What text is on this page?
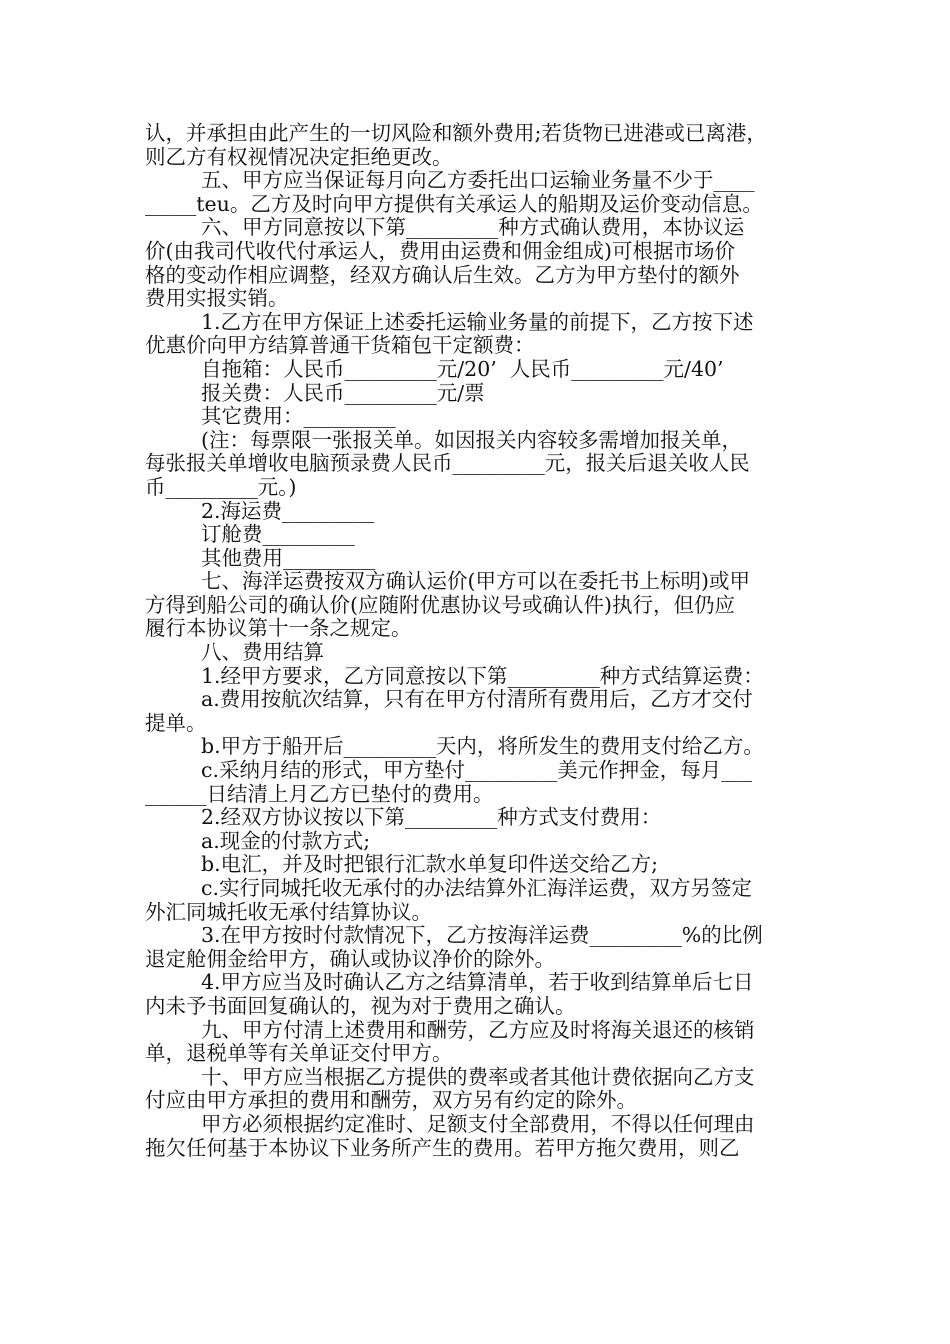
认，并承担由此产生的一切风险和额外费用;若货物已进港或已离港，
则乙方有权视情况决定拒绝更改。
五、甲方应当保证每月向乙方委托出口运输业务量不少于____
_____teu。乙方及时向甲方提供有关承运人的船期及运价变动信息。
六、甲方同意按以下第_________种方式确认费用，本协议运
价(由我司代收代付承运人，费用由运费和佣金组成)可根据市场价
格的变动作相应调整，经双方确认后生效。乙方为甲方垫付的额外
费用实报实销。
1.乙方在甲方保证上述委托运输业务量的前提下，乙方按下述
优惠价向甲方结算普通干货箱包干定额费：
自拖箱：人民币_________元/20’  人民币_________元/40’
报关费：人民币_________元/票
其它费用：_________
(注：每票限一张报关单。如因报关内容较多需增加报关单，
每张报关单增收电脑预录费人民币_________元，报关后退关收人民
币_________元。)
2.海运费_________
订舱费_________
其他费用_________
七、海洋运费按双方确认运价(甲方可以在委托书上标明)或甲
方得到船公司的确认价(应随附优惠协议号或确认件)执行，但仍应
履行本协议第十一条之规定。
八、费用结算
1.经甲方要求，乙方同意按以下第_________种方式结算运费：
a.费用按航次结算，只有在甲方付清所有费用后，乙方才交付
提单。
b.甲方于船开后_________天内，将所发生的费用支付给乙方。
c.采纳月结的形式，甲方垫付_________美元作押金，每月___
______日结清上月乙方已垫付的费用。
2.经双方协议按以下第_________种方式支付费用：
a.现金的付款方式;
b.电汇，并及时把银行汇款水单复印件送交给乙方;
c.实行同城托收无承付的办法结算外汇海洋运费，双方另签定
外汇同城托收无承付结算协议。
3.在甲方按时付款情况下，乙方按海洋运费_________%的比例
退定舱佣金给甲方，确认或协议净价的除外。
4.甲方应当及时确认乙方之结算清单，若于收到结算单后七日
内未予书面回复确认的，视为对于费用之确认。
九、甲方付清上述费用和酬劳，乙方应及时将海关退还的核销
单，退税单等有关单证交付甲方。
十、甲方应当根据乙方提供的费率或者其他计费依据向乙方支
付应由甲方承担的费用和酬劳，双方另有约定的除外。
甲方必须根据约定准时、足额支付全部费用，不得以任何理由
拖欠任何基于本协议下业务所产生的费用。若甲方拖欠费用，则乙
